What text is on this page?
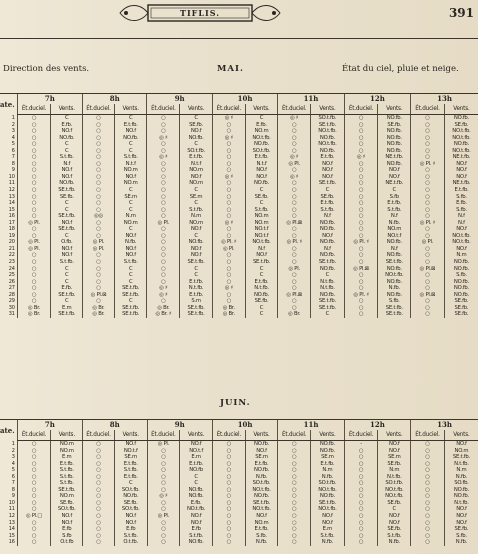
TIFLIS.	391
Direction des vents.	MAI.	État du ciel, pluie et neige.
ate.	7h		8h		9h		10h		11h		12h		13h	
	Ét.duciel.	Vents.	Ét.duciel.	Vents.	Ét.duciel.	Vents.	Ét.duciel.	Vents.	Ét.duciel.	Vents.	Ét.duciel.	Vents.	Ét.duciel.	Vents.
1	○	C	○	C	○	C	◎ ♯	C	◎ ♯	SO.t.fb.	○	NO.fb.	○	NO.fb.
2	○	E.fb.	○	E.t.fb.	○	SE.fb.	○	E.fb.	○	SE.t.fb.	○	SE.fb.	○	SE.fb.
3	○	NO.f	○	NO.f	○	NO.f	○	NO.m	○	NO.t.fb.	○	NO.fb.	○	NO.t.fb.
4	○	NO.fb.	○	NO.fb.	◎ ♯	NO.fb.	◎ ♯	NO.t.fb.	○	NO.fb.	○	NO.fb.	○	NO.t.fb.
5	○	C	○	C	○	C	○	NO.fb.	○	NO.t.fb.	○	NO.fb.	○	NO.fb.
6	○	C	○	C	○	SO.t.fb.	○	SO.t.fb.	○	NO.fb.	○	NO.fb.	○	NO.t.fb.
7	○	S.t.fb.	○	S.t.fb.	◎ ♯	E.t.fb.	○	E.t.fb.	◎ ♯	E.t.fb.	◎ ♯	NE.t.fb.	○	NE.t.fb.
8	○	N.f	○	N.t.f	○	N.t.f	○	N.t.f	◎ Pl.	NO.f	○	NO.fb.	◎ Pl. ♯	NO.f
9	○	NO.f	○	NO.m	○	NO.m	○	NO.f	○	NO.f	○	NO.f	○	NO.f
10	○	NO.f	○	NO.f	○	NO.f	◎ ♯	NO.f	◎ ♯	NO.f	○	NO.f	○	NO.f
11	○	NO.fb.	○	NO.m	○	NO.m	○	NO.fb.	○	SE.t.fb.	○	NE.t.fb.	○	NE.t.fb.
12	○	SE.t.fb.	○	C	○	C	○	C	○	C	○	C	○	E.t.fb.
13	○	SE.fb.	○	SE.m	○	SE.m	○	SE.fb.	○	SE.fb.	○	S.fb	○	S.fb.
14	○	C	○	C	○	C	○	C	○	E.t.fb.	○	E.t.fb.	○	E.fb.
15	○	C	○	C	○	S.t.fb.	○	S.t.fb.	○	S.t.fb.	○	S.t.fb.	○	S.fb.
16	○	SE.t.fb.	◎◎	N.m	○	N.m	○	NO.m	○	N.f	○	N.f	○	N.f
17	◎ Pl.	NO.f	○	NO.m	◎ Pl.	NO.m	◎ ♯	NO.m	◎ Pl.⊠	NO.fb.	○	N.fb.	◎ Pl. ♯	N.f
18	○	SE.t.fb.	○	C	○	NO.f	○	NO.t.f	○	NO.fb.	○	NO.m	○	NO.f
19	○	C	○	NO.f	○	C	○	NO.t.f	○	NO.f	○	NO.t.f	○	NO.t.fb.
20	◎ Pl.	O.fb.	◎ Pl.	N.fb.	○	NO.fb.	◎ Pl. ♯	NO.t.fb.	◎ Pl. ♯	NO.fb.	◎ Pl. ♯	NO.fb.	◎ Pl.	NO.t.fb.
21	◎ Pl.	NO.f	◎ Pl.	NO.f	○	NO.f	◎ Pl.	N.f	○	N.f	○	N.f	○	NO.f
22	○	NO.f	○	NO.f	○	NO.f	○	NO.f	○	NO.fb.	○	NO.fb.	○	N.m
23	○	S.t.fb.	○	S.t.fb.	○	SE.t.fb.	○	SE.t.fb.	○	SE.t.fb.	○	SE.t.fb.	○	NO.fb.
24	○	C	○	C	○	C	○	C	◎ Pl.	NO.fb.	◎ Pl.⊠	NO.fb.	◎ Pl.⊠	NO.fb.
25	○	C	○	C	○	C	○	C	○	C	○	NO.t.fb.	○	S.fb.
26	○	C	○	C	○	E.t.fb.	○	E.t.fb.	○	N.t.fb.	○	NO.fb.	○	NO.fb.
27	○	E.fb.	○	SE.t.fb.	◎ ♯	N.t.fb.	◎ ♯	N.t.fb.	○	N.t.fb.	○	N.fb.	○	NO.fb.
28	○	SE.t.fb.	◎ Pl.⊠	SE.t.fb.	◎ ♯	E.t.fb.	○	NO.fb.	◎ Pl.⊠	NO.fb.	◎ Pl. ♯	NO.fb.	◎ Pl.⊠	NO.fb.
29	○	C	○	C	○	S.m	○	SE.fb.	○	SE.t.fb.	○	S.fb.	○	SE.fb.
30	◎ Br.	E.m	◎ Br.	SE.t.fb.	◎ Br.	SE.t.fb.	◎ Br.	C	○	SE.t.fb.	○	SE.t.fb.	○	SE.fb.
31	◎ Br.	SE.t.fb.	◎ Br.	SE.t.fb.	◎ Br. ♯	SE.t.fb.	◎ Br.	C	◎ Br.	C	○	SE.t.fb.	○	SE.fb.
JUIN.
ate.	7h		8h		9h		10h		11h		12h		13h	
	Ét.duciel.	Vents.	Ét.duciel.	Vents.	Ét.duciel.	Vents.	Ét.duciel.	Vents.	Ét.duciel.	Vents.	Ét.duciel.	Vents.	Ét.duciel.	Vents.
1	○	NO.m	○	NO.f	◎ Pl.	NO.f	○	NO.fb.	○	NO.fb.	-	NO.f	○	NO.f
2	○	NO.m	○	NO.t.f	○	NO.t.f	○	NO.f	○	NO.fb.	○	NO.f	○	NO.m
3	○	E.m	○	SE.m	○	E.m	○	SE.m	○	SE.m	○	SE.m	○	SE.t.fb.
4	○	E.t.fb.	○	E.t.fb.	○	E.t.fb.	○	E.t.fb.	○	E.t.fb.	○	SE.fb.	○	N.t.fb.
5	○	S.t.fb.	○	S.t.fb.	○	NO.fb	○	NO.fb.	○	N.m	○	N.m	○	N.m
6	○	S.t.fb.	○	E.t.fb.	○	C	○	N.fb.	○	N.fb.	○	N.t.fb.	○	N.fb.
7	○	S.t.fb.	○	C	○	C	○	SO.t.fb.	○	SO.t.fb.	○	SO.t.fb.	○	SO.fb.
8	○	SE.t.fb.	○	SO.t.fb.	○	NO.fb.	○	NO.t.fb.	○	NO.t.fb.	○	NO.t.fb.	○	NO.fb.
9	○	NO.m	○	NO.fb.	◎ ♯	NO.fb.	○	NO.fb.	○	NO.fb.	○	NO.t.fb.	○	NO.fb.
10	○	SE.fb.	○	SE.fb.	○	E.fb.	○	SE.t.fb.	○	SE.t.fb.	○	SE.fb.	○	N.t.fb.
11	○	SO.t.fb.	○	SO.t.fb.	○	NO.t.fb.	○	NO.t.fb.	○	NO.t.fb.	○	C	○	NO.f
12	◎ Pl.□	NO.f	○	NO.f	◎ Pl.	NO.f	○	NO.f	○	NO.f	○	NO.f	○	NO.f
13	○	NO.f	○	NO.f	○	NO.f	○	NO.m	○	NO.f	○	NO.f	○	NO.f
14	○	E.fb	○	E.fb	○	E.fb	○	E.t.fb.	○	E.m	○	SE.fb.	○	SE.fb.
15	○	S.fb	○	S.t.fb.	○	S.t.fb.	○	S.fb.	○	S.t.fb.	○	S.t.fb.	○	S.fb.
16	○	O.t.fb	○	O.t.fb.	○	NO.fb.	○	N.fb.	○	N.fb.	○	N.fb.	○	N.fb.
